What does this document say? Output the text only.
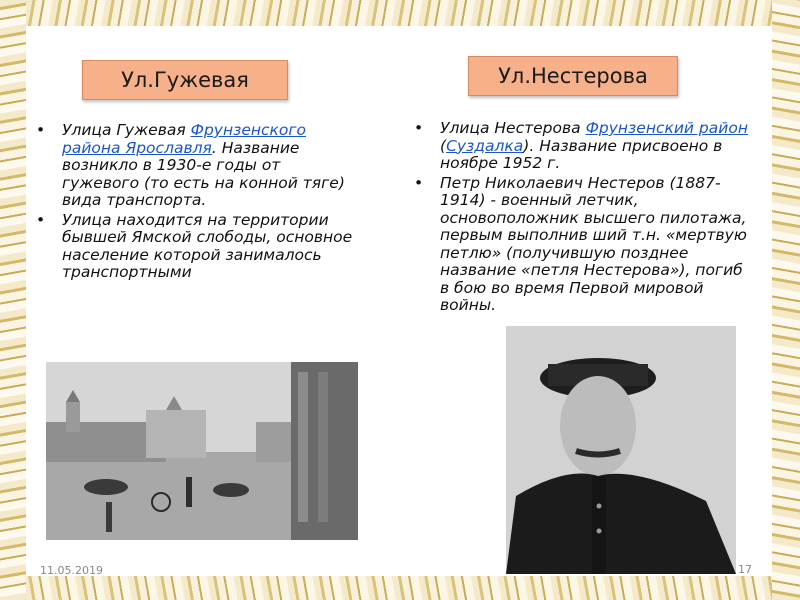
Ул.Гужевая	Ул.Нестерова
• Улица Гужевая Фрунзенского района Ярославля. Название возникло в 1930-е годы от гужевого (то есть на конной тяге) вида транспорта.
• Улица находится на территории бывшей Ямской слободы, основное население которой занималось транспортными
• Улица Нестерова Фрунзенский район (Суздалка). Название присвоено в ноябре 1952 г.
• Петр Николаевич Нестеров (1887-1914) - военный летчик, основоположник высшего пилотажа, первым выполнив ший т.н. «мертвую петлю» (получившую позднее название «петля Нестерова»), погиб в бою во время Первой мировой войны.
11.05.2019	17
